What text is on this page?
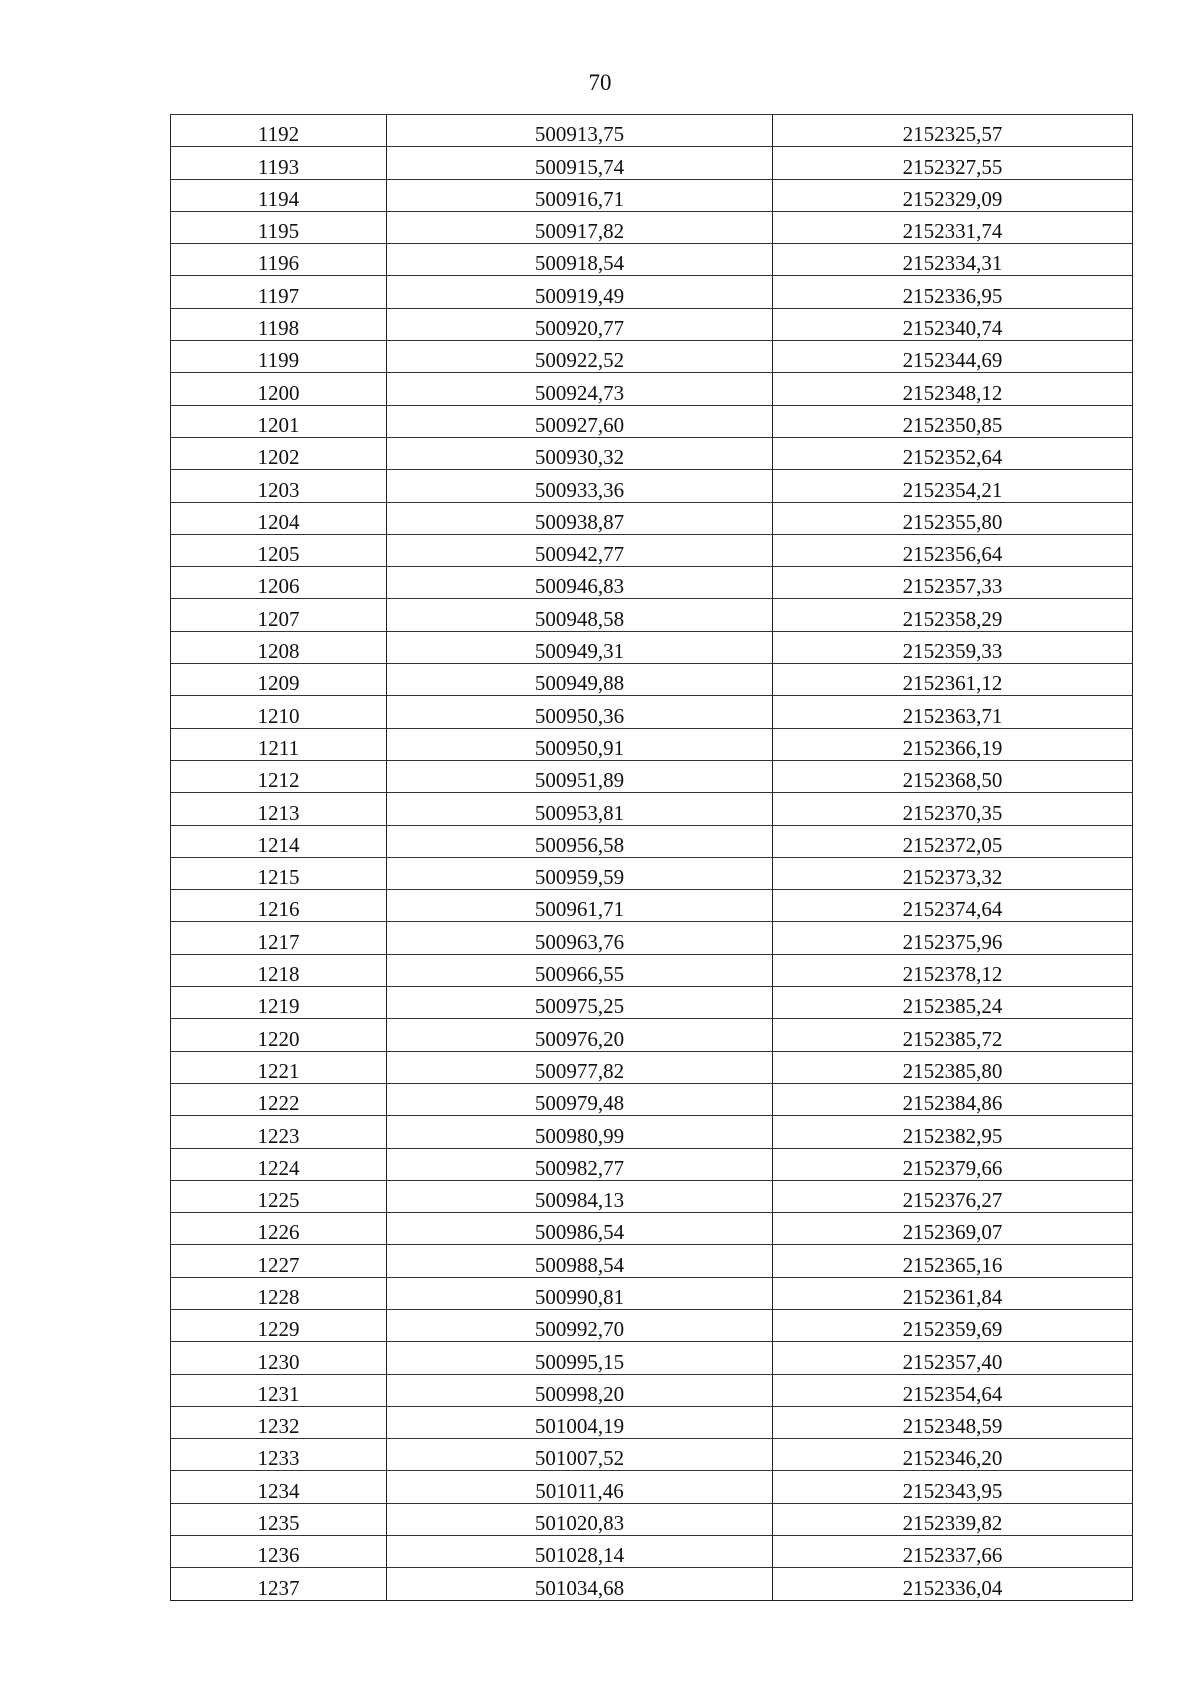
70
1192	500913,75	2152325,57
1193	500915,74	2152327,55
1194	500916,71	2152329,09
1195	500917,82	2152331,74
1196	500918,54	2152334,31
1197	500919,49	2152336,95
1198	500920,77	2152340,74
1199	500922,52	2152344,69
1200	500924,73	2152348,12
1201	500927,60	2152350,85
1202	500930,32	2152352,64
1203	500933,36	2152354,21
1204	500938,87	2152355,80
1205	500942,77	2152356,64
1206	500946,83	2152357,33
1207	500948,58	2152358,29
1208	500949,31	2152359,33
1209	500949,88	2152361,12
1210	500950,36	2152363,71
1211	500950,91	2152366,19
1212	500951,89	2152368,50
1213	500953,81	2152370,35
1214	500956,58	2152372,05
1215	500959,59	2152373,32
1216	500961,71	2152374,64
1217	500963,76	2152375,96
1218	500966,55	2152378,12
1219	500975,25	2152385,24
1220	500976,20	2152385,72
1221	500977,82	2152385,80
1222	500979,48	2152384,86
1223	500980,99	2152382,95
1224	500982,77	2152379,66
1225	500984,13	2152376,27
1226	500986,54	2152369,07
1227	500988,54	2152365,16
1228	500990,81	2152361,84
1229	500992,70	2152359,69
1230	500995,15	2152357,40
1231	500998,20	2152354,64
1232	501004,19	2152348,59
1233	501007,52	2152346,20
1234	501011,46	2152343,95
1235	501020,83	2152339,82
1236	501028,14	2152337,66
1237	501034,68	2152336,04
